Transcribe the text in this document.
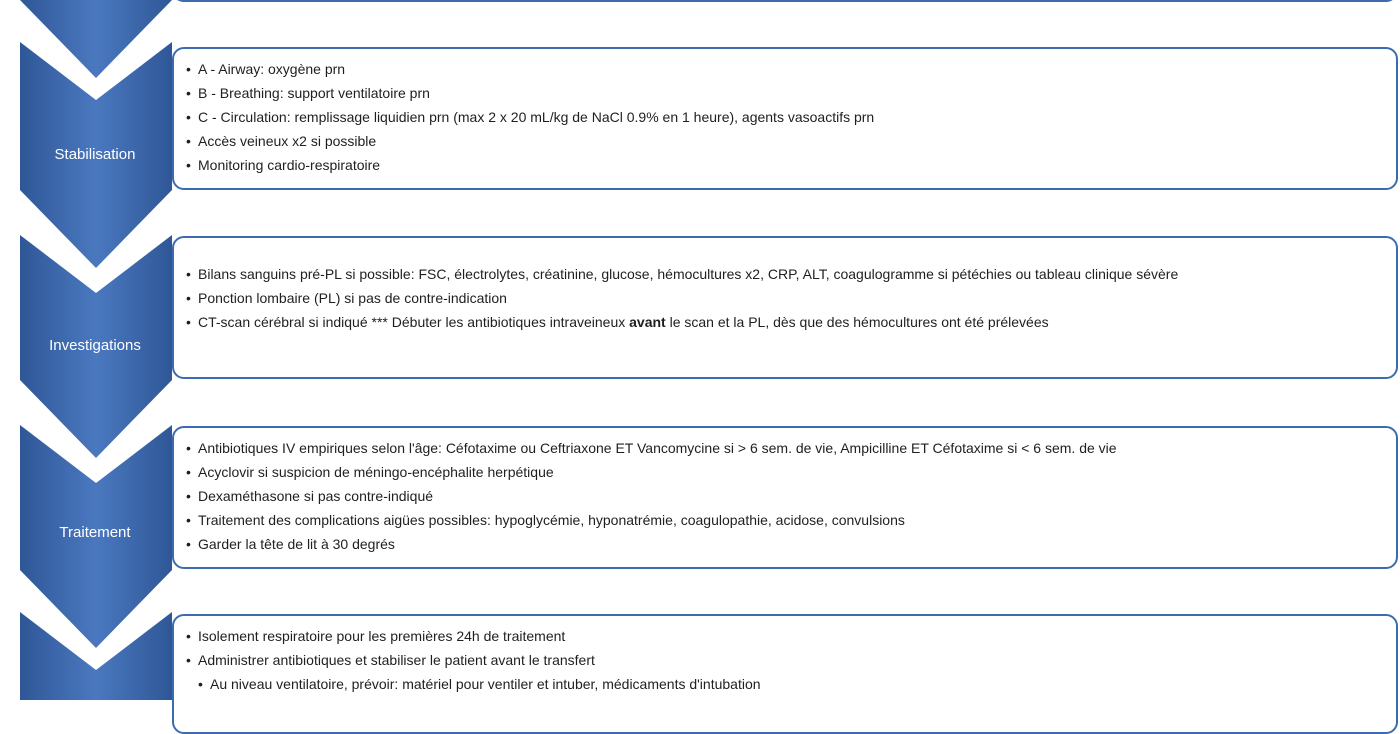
Stabilisation
Investigations
Traitement
• A - Airway: oxygène prn
• B - Breathing: support ventilatoire prn
• C - Circulation: remplissage liquidien prn (max 2 x 20 mL/kg de NaCl 0.9% en 1 heure), agents vasoactifs prn
• Accès veineux x2 si possible
• Monitoring cardio-respiratoire
• Bilans sanguins pré-PL si possible: FSC, électrolytes, créatinine, glucose, hémocultures x2, CRP, ALT, coagulogramme si pétéchies ou tableau clinique sévère
• Ponction lombaire (PL) si pas de contre-indication
• CT-scan cérébral si indiqué *** Débuter les antibiotiques intraveineux avant le scan et la PL, dès que des hémocultures ont été prélevées
• Antibiotiques IV empiriques selon l'âge: Céfotaxime ou Ceftriaxone ET Vancomycine si > 6 sem. de vie, Ampicilline ET Céfotaxime si < 6 sem. de vie
• Acyclovir si suspicion de méningo-encéphalite herpétique
• Dexaméthasone si pas contre-indiqué
• Traitement des complications aigües possibles: hypoglycémie, hyponatrémie, coagulopathie, acidose, convulsions
• Garder la tête de lit à 30 degrés
• Isolement respiratoire pour les premières 24h de traitement
• Administrer antibiotiques et stabiliser le patient avant le transfert
• Au niveau ventilatoire, prévoir: matériel pour ventiler et intuber, médicaments d'intubation
